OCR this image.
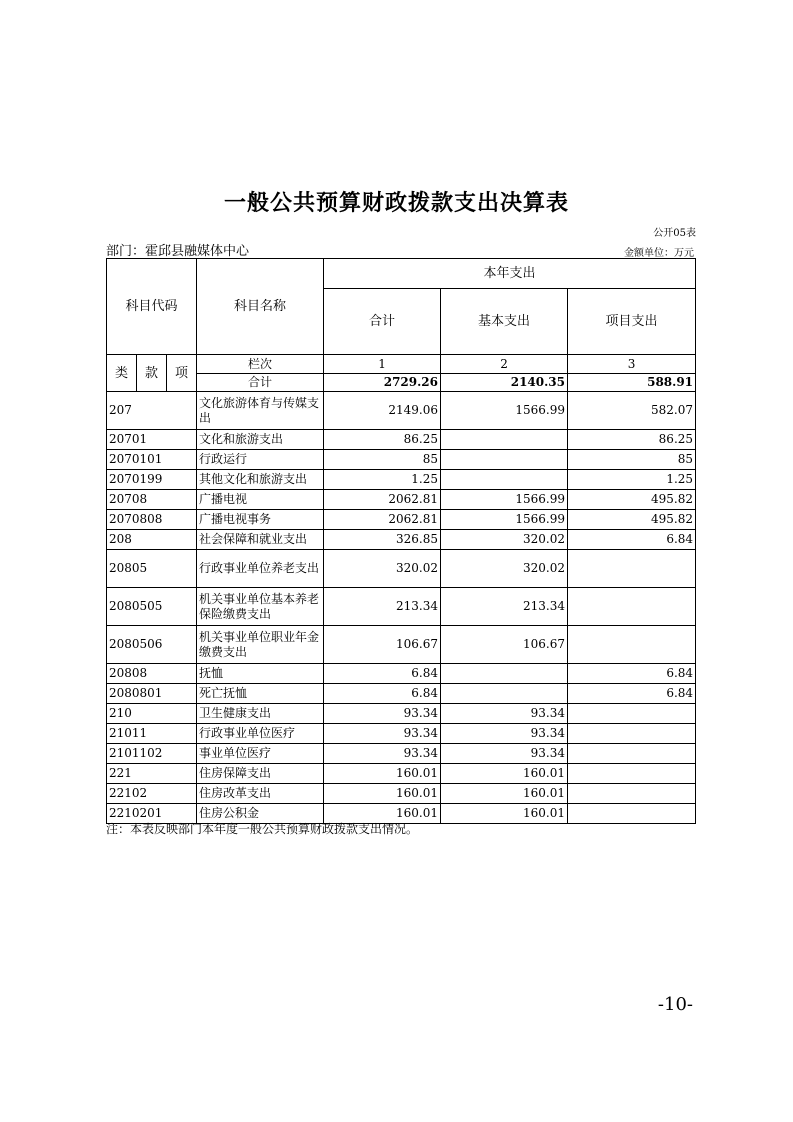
一般公共预算财政拨款支出决算表
公开05表
部门：霍邱县融媒体中心	金额单位：万元
科目代码			科目名称	本年支出		
				合计	基本支出	项目支出

类	款	项	栏次	1	2	3
			合计	2729.26	2140.35	588.91
207			文化旅游体育与传媒支出	2149.06	1566.99	582.07
20701			文化和旅游支出	86.25		86.25
2070101			行政运行	85		85
2070199			其他文化和旅游支出	1.25		1.25
20708			广播电视	2062.81	1566.99	495.82
2070808			广播电视事务	2062.81	1566.99	495.82
208			社会保障和就业支出	326.85	320.02	6.84
20805			行政事业单位养老支出	320.02	320.02	
2080505			机关事业单位基本养老保险缴费支出	213.34	213.34	
2080506			机关事业单位职业年金缴费支出	106.67	106.67	
20808			抚恤	6.84		6.84
2080801			死亡抚恤	6.84		6.84
210			卫生健康支出	93.34	93.34	
21011			行政事业单位医疗	93.34	93.34	
2101102			事业单位医疗	93.34	93.34	
221			住房保障支出	160.01	160.01	
22102			住房改革支出	160.01	160.01	
2210201			住房公积金	160.01	160.01	
注：本表反映部门本年度一般公共预算财政拨款支出情况。
-10-
